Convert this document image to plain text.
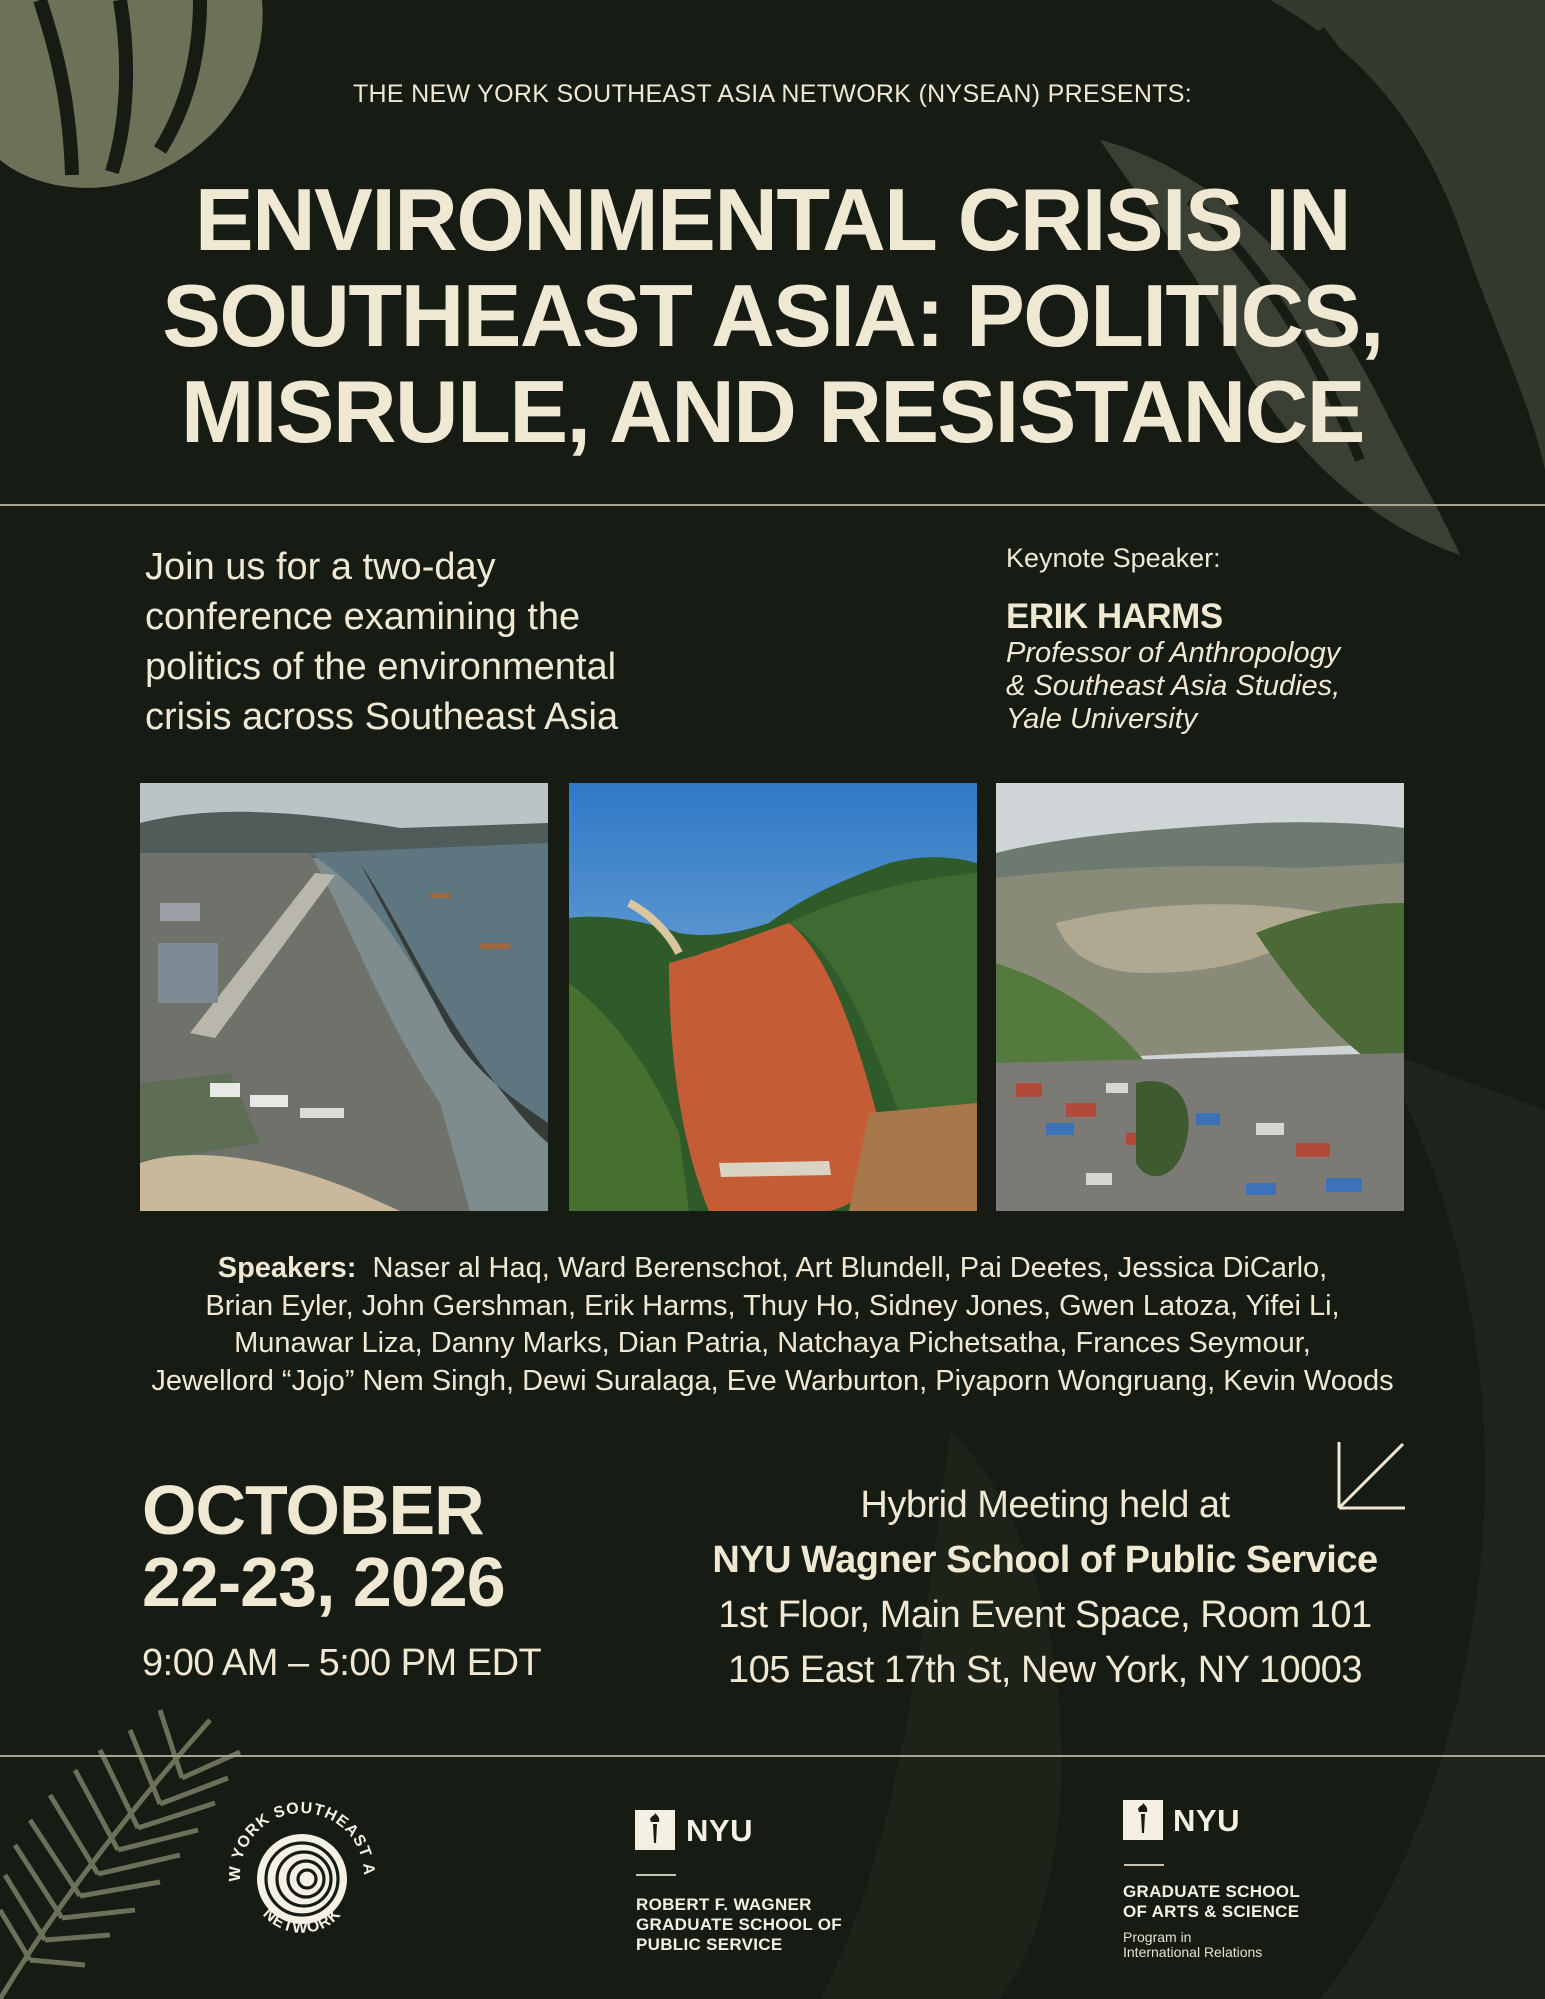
THE NEW YORK SOUTHEAST ASIA NETWORK (NYSEAN) PRESENTS:
ENVIRONMENTAL CRISIS IN
SOUTHEAST ASIA: POLITICS,
MISRULE, AND RESISTANCE
Join us for a two-day
conference examining the
politics of the environmental
crisis across Southeast Asia
Keynote Speaker:
ERIK HARMS
Professor of Anthropology
& Southeast Asia Studies,
Yale University
Speakers: Naser al Haq, Ward Berenschot, Art Blundell, Pai Deetes, Jessica DiCarlo,
Brian Eyler, John Gershman, Erik Harms, Thuy Ho, Sidney Jones, Gwen Latoza, Yifei Li,
Munawar Liza, Danny Marks, Dian Patria, Natchaya Pichetsatha, Frances Seymour,
Jewellord “Jojo” Nem Singh, Dewi Suralaga, Eve Warburton, Piyaporn Wongruang, Kevin Woods
OCTOBER
22-23, 2026
9:00 AM – 5:00 PM EDT
Hybrid Meeting held at
NYU Wagner School of Public Service
1st Floor, Main Event Space, Room 101
105 East 17th St, New York, NY 10003
W YORK SOUTHEAST A
NETWORK
NYU
ROBERT F. WAGNER
GRADUATE SCHOOL OF
PUBLIC SERVICE
NYU
GRADUATE SCHOOL
OF ARTS & SCIENCE
Program in
International Relations
